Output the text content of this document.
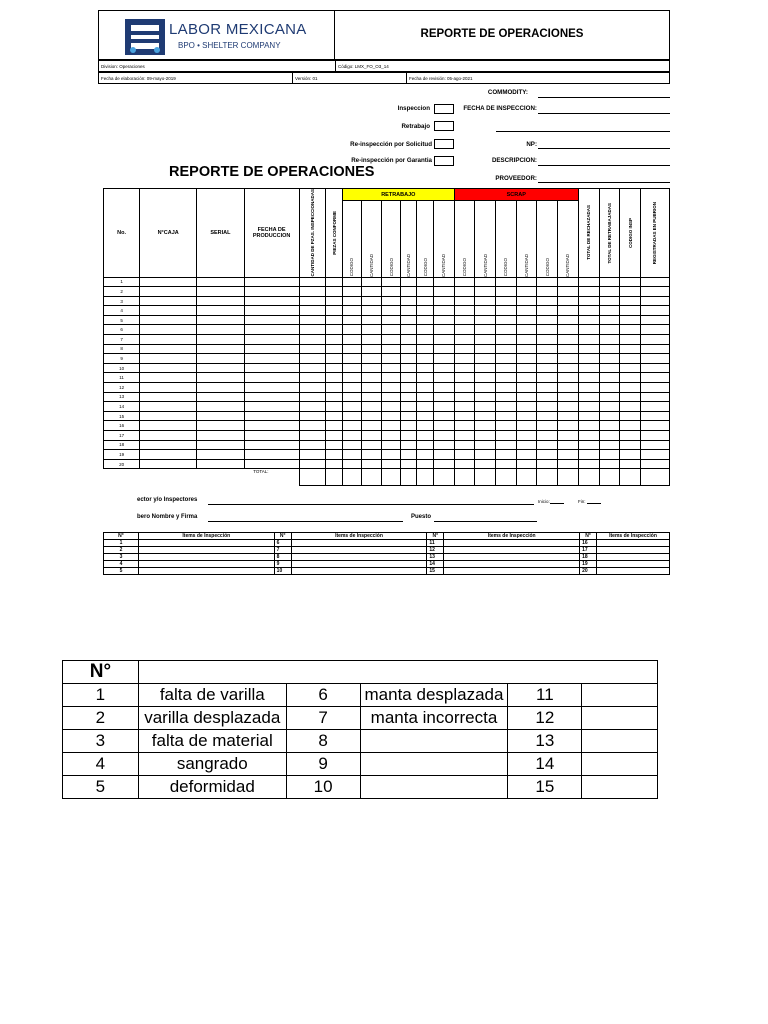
LABOR MEXICANA
BPO • SHELTER COMPANY
REPORTE DE OPERACIONES
Division: Operaciones	Código: LMX_FO_O3_14
Fecha de elaboración: 09-mayo-2019	Versión: 01	Fecha de revisión: 05-ago-2021
COMMODITY:
Inspeccion	FECHA DE INSPECCION:
Retrabajo
Re-inspección por Solicitud	NP:
Re-inspección por Garantia	DESCRIPCION:
REPORTE DE OPERACIONES	PROVEEDOR:
No.	N°CAJA	SERIAL	FECHA DE PRODUCCION	CANTIDAD DE PZAS. INSPECCIONADAS	PIEZAS CONFORME	RETRABAJO						SCRAP						TOTAL DE RECHAZADAS	TOTAL DE RETRABAJADAS	CODIGO INSP	REGISTRADAS EN PUBRION

						CODIGO	CANTIDAD	CODIGO	CANTIDAD	CODIGO	CANTIDAD	CODIGO	CANTIDAD	CODIGO	CANTIDAD	CODIGO	CANTIDAD				

1																					
2																					
3																					
4																					
5																					
6																					
7																					
8																					
9																					
10																					
11																					
12																					
13																					
14																					
15																					
16																					
17																					
18																					
19																					
20																					
TOTAL:																					
ector y/o Inspectores	Inicio:	Fin:
bero Nombre y Firma	Puesto
N°	Items de Inspección	N°	Items de Inspección	N°	Items de Inspección	N°	Items de Inspección
1		6		11		16	
2		7		12		17	
3		8		13		18	
4		9		14		19	
5		10		15		20	
N°					
1	falta de varilla	6	manta desplazada	11	
2	varilla desplazada	7	manta incorrecta	12	
3	falta de material	8		13	
4	sangrado	9		14	
5	deformidad	10		15	
